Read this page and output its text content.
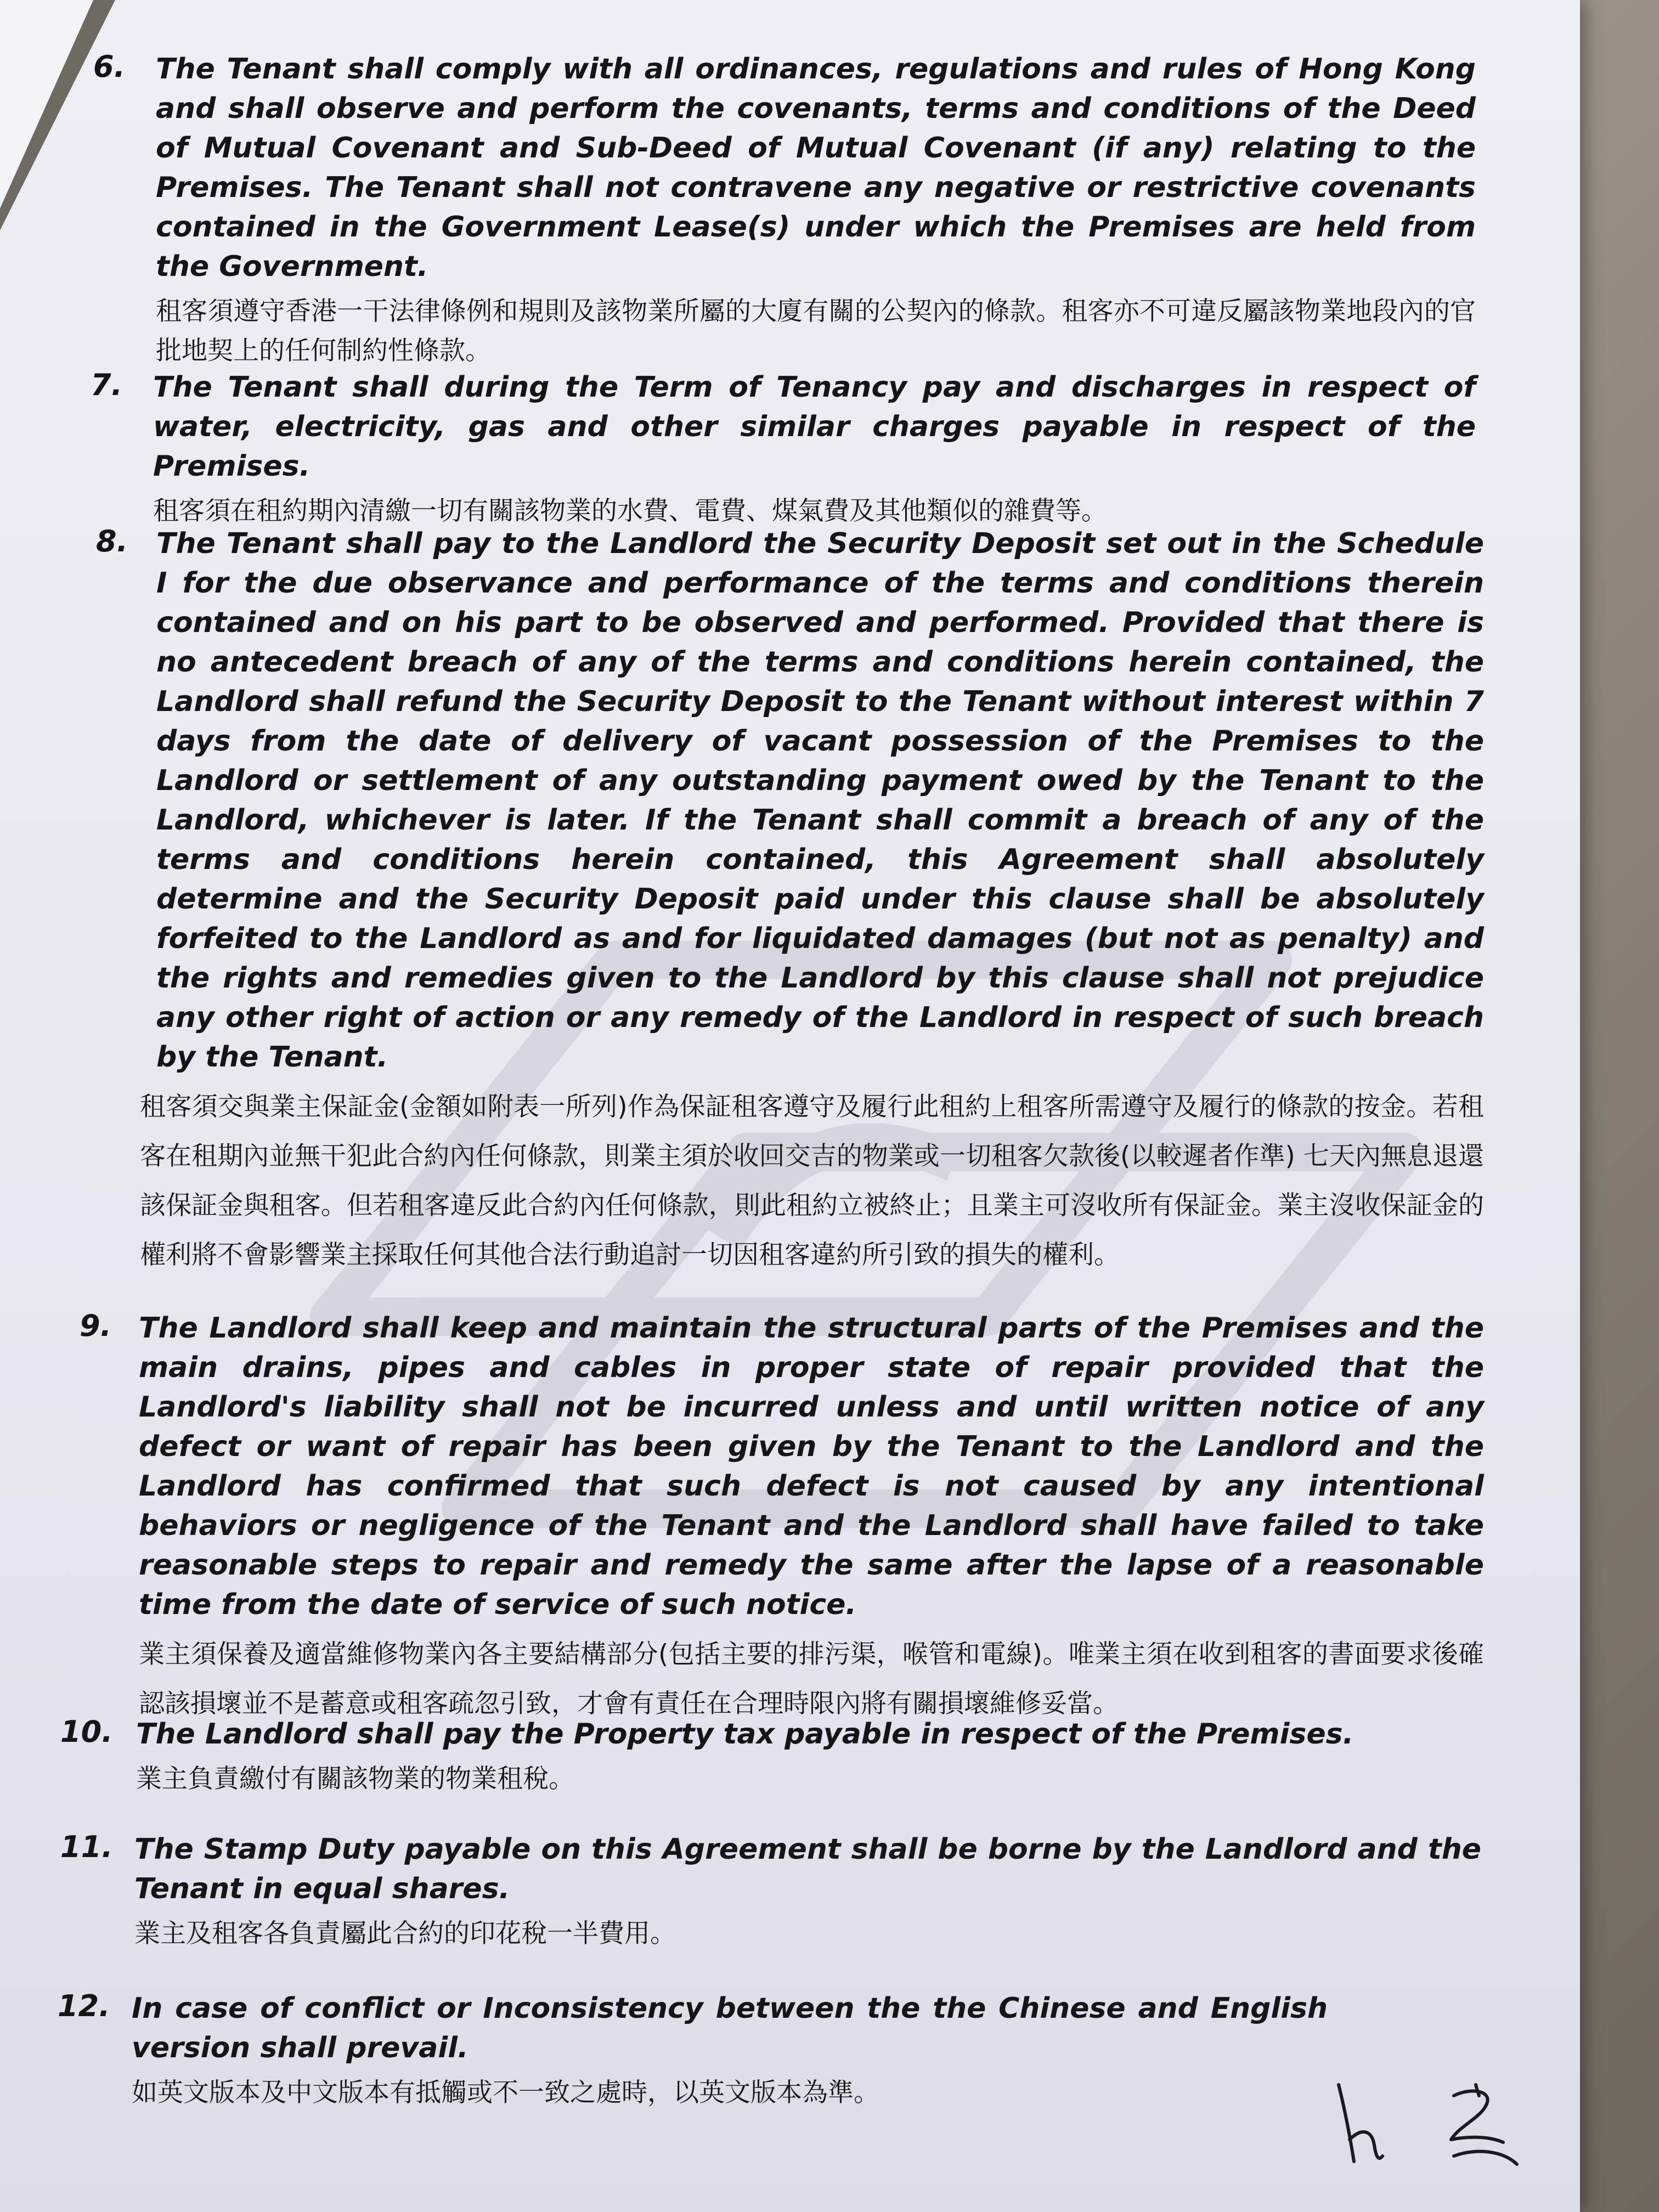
6. The Tenant shall comply with all ordinances, regulations and rules of Hong Kong and shall observe and perform the covenants, terms and conditions of the Deed of Mutual Covenant and Sub-Deed of Mutual Covenant (if any) relating to the Premises. The Tenant shall not contravene any negative or restrictive covenants contained in the Government Lease(s) under which the Premises are held from the Government.

租客須遵守香港一干法律條例和規則及該物業所屬的大廈有關的公契內的條款。租客亦不可違反屬該物業地段內的官批地契上的任何制約性條款。

7. The Tenant shall during the Term of Tenancy pay and discharges in respect of water, electricity, gas and other similar charges payable in respect of the Premises.

租客須在租約期內清繳一切有關該物業的水費、電費、煤氣費及其他類似的雜費等。

8. The Tenant shall pay to the Landlord the Security Deposit set out in the Schedule I for the due observance and performance of the terms and conditions therein contained and on his part to be observed and performed. Provided that there is no antecedent breach of any of the terms and conditions herein contained, the Landlord shall refund the Security Deposit to the Tenant without interest within 7 days from the date of delivery of vacant possession of the Premises to the Landlord or settlement of any outstanding payment owed by the Tenant to the Landlord, whichever is later. If the Tenant shall commit a breach of any of the terms and conditions herein contained, this Agreement shall absolutely determine and the Security Deposit paid under this clause shall be absolutely forfeited to the Landlord as and for liquidated damages (but not as penalty) and the rights and remedies given to the Landlord by this clause shall not prejudice any other right of action or any remedy of the Landlord in respect of such breach by the Tenant.

租客須交與業主保証金(金額如附表一所列)作為保証租客遵守及履行此租約上租客所需遵守及履行的條款的按金。若租客在租期內並無干犯此合約內任何條款，則業主須於收回交吉的物業或一切租客欠款後(以較遲者作準) 七天內無息退還該保証金與租客。但若租客違反此合約內任何條款，則此租約立被終止；且業主可沒收所有保証金。業主沒收保証金的權利將不會影響業主採取任何其他合法行動追討一切因租客違約所引致的損失的權利。

9. The Landlord shall keep and maintain the structural parts of the Premises and the main drains, pipes and cables in proper state of repair provided that the Landlord's liability shall not be incurred unless and until written notice of any defect or want of repair has been given by the Tenant to the Landlord and the Landlord has confirmed that such defect is not caused by any intentional behaviors or negligence of the Tenant and the Landlord shall have failed to take reasonable steps to repair and remedy the same after the lapse of a reasonable time from the date of service of such notice.

業主須保養及適當維修物業內各主要結構部分(包括主要的排污渠，喉管和電線)。唯業主須在收到租客的書面要求後確認該損壞並不是蓄意或租客疏忽引致，才會有責任在合理時限內將有關損壞維修妥當。

10. The Landlord shall pay the Property tax payable in respect of the Premises.

業主負責繳付有關該物業的物業租稅。

11. The Stamp Duty payable on this Agreement shall be borne by the Landlord and the Tenant in equal shares.

業主及租客各負責屬此合約的印花稅一半費用。

12. In case of conflict or Inconsistency between the the Chinese and English version shall prevail.

如英文版本及中文版本有抵觸或不一致之處時，以英文版本為準。
